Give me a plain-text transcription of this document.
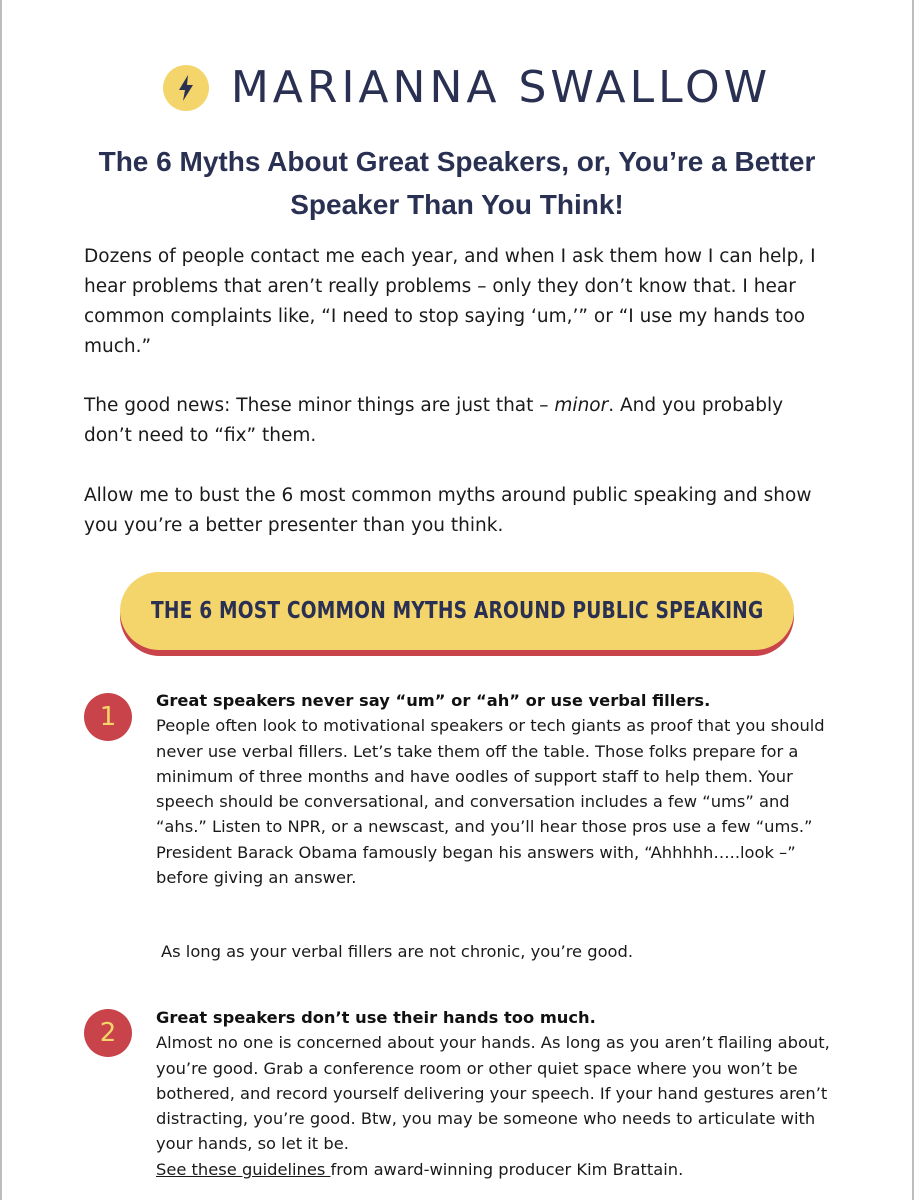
MARIANNA SWALLOW
The 6 Myths About Great Speakers, or, You’re a Better Speaker Than You Think!

Dozens of people contact me each year, and when I ask them how I can help, I hear problems that aren’t really problems – only they don’t know that. I hear common complaints like, “I need to stop saying ‘um,’” or “I use my hands too much.”

The good news: These minor things are just that – minor. And you probably don’t need to “fix” them.

Allow me to bust the 6 most common myths around public speaking and show you you’re a better presenter than you think.

THE 6 MOST COMMON MYTHS AROUND PUBLIC SPEAKING
1

Great speakers never say “um” or “ah” or use verbal fillers.

People often look to motivational speakers or tech giants as proof that you should never use verbal fillers. Let’s take them off the table. Those folks prepare for a minimum of three months and have oodles of support staff to help them. Your speech should be conversational, and conversation includes a few “ums” and “ahs.” Listen to NPR, or a newscast, and you’ll hear those pros use a few “ums.” President Barack Obama famously began his answers with, “Ahhhhh…..look –” before giving an answer.

As long as your verbal fillers are not chronic, you’re good.

2

Great speakers don’t use their hands too much.

Almost no one is concerned about your hands. As long as you aren’t flailing about, you’re good. Grab a conference room or other quiet space where you won’t be bothered, and record yourself delivering your speech. If your hand gestures aren’t distracting, you’re good. Btw, you may be someone who needs to articulate with your hands, so let it be.
See these guidelines from award-winning producer Kim Brattain.
